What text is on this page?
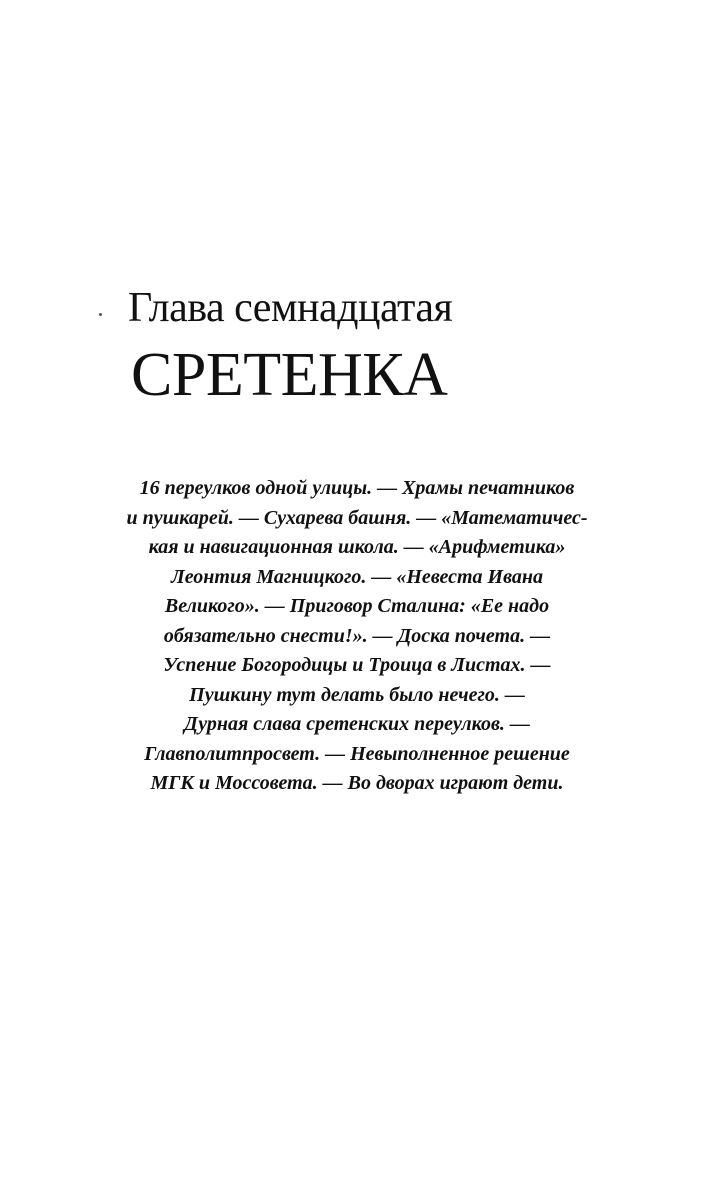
Глава семнадцатая
СРЕТЕНКА

16 переулков одной улицы. — Храмы печатников
и пушкарей. — Сухарева башня. — «Математичес-
кая и навигационная школа. — «Арифметика»
Леонтия Магницкого. — «Невеста Ивана
Великого». — Приговор Сталина: «Ее надо
обязательно снести!». — Доска почета. —
Успение Богородицы и Троица в Листах. —
Пушкину тут делать было нечего. —
Дурная слава сретенских переулков. —
Главполитпросвет. — Невыполненное решение
МГК и Моссовета. — Во дворах играют дети.
